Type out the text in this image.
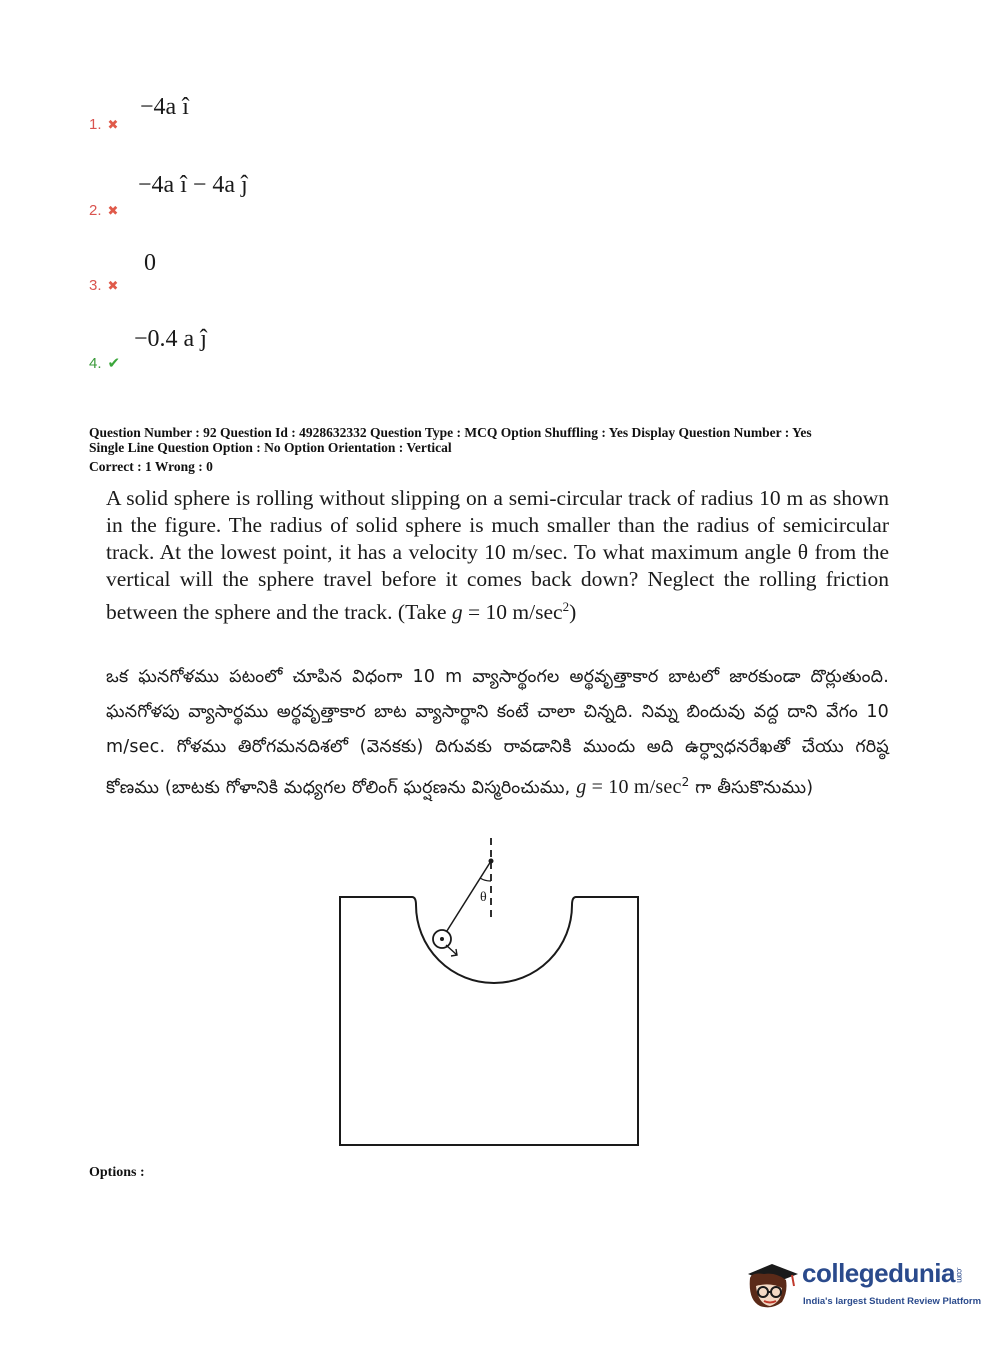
1. ✖
−4a î
2. ✖
−4a î − 4a ĵ
3. ✖
0
4. ✔
−0.4 a ĵ
Question Number : 92 Question Id : 4928632332 Question Type : MCQ Option Shuffling : Yes Display Question Number : Yes
Single Line Question Option : No Option Orientation : Vertical
Correct : 1 Wrong : 0
A solid sphere is rolling without slipping on a semi-circular track of radius 10 m as shown in the figure. The radius of solid sphere is much smaller than the radius of semicircular track. At the lowest point, it has a velocity 10 m/sec. To what maximum angle θ from the vertical will the sphere travel before it comes back down? Neglect the rolling friction between the sphere and the track. (Take g = 10 $m/\sec^2$)
ఒక ఘనగోళము పటంలో చూపిన విధంగా 10 m వ్యాసార్థంగల అర్థవృత్తాకార బాటలో జారకుండా దొర్లుతుంది. ఘనగోళపు వ్యాసార్థము అర్థవృత్తాకార బాట వ్యాసార్థాని కంటే చాలా చిన్నది. నిమ్న బిందువు వద్ద దాని వేగం 10 m/sec. గోళము తిరోగమనదిశలో (వెనకకు) దిగువకు రావడానికి ముందు అది ఉర్ధ్వాధనరేఖతో చేయు గరిష్ఠ కోణము (బాటకు గోళానికి మధ్యగల రోలింగ్ ఘర్షణను విస్మరించుము, g = 10 $m/\sec^2$ గా తీసుకొనుము)
θ
Options :
collegedunia.com
India's largest Student Review Platform
